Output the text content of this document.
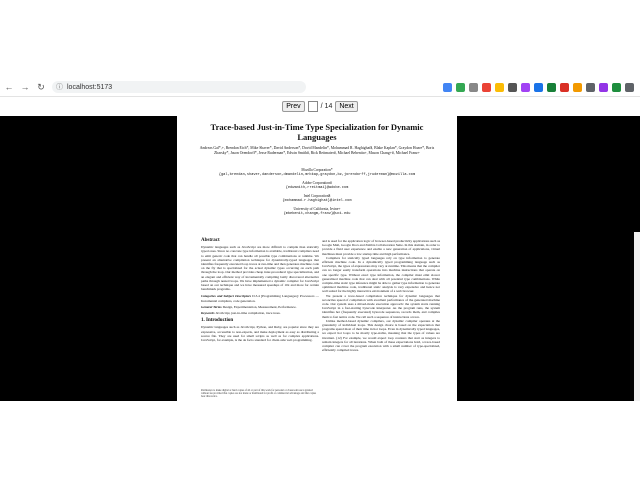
← → ↻	ⓘ localhost:5173
Prev	/ 14	Next
Trace-based Just-in-Time Type Specialization for Dynamic Languages
Andreas Gal*,+, Brendan Eich*, Mike Shaver*, David Anderson*, David Mandelin*, Mohammad R. Haghighat$, Blake Kaplan*, Graydon Hoare*, Boris Zbarsky*, Jason Orendorff*, Jesse Ruderman*, Edwin Smith#, Rick Reitmaier#, Michael Bebenita+, Mason Chang+#, Michael Franz+
Mozilla Corporation*
{gal,brendan,shaver,danderson,dmandelin,mrbkap,graydon,bz,jorendorff,jruderman}@mozilla.com
Adobe Corporation#
{edwsmith,rreitmai}@adobe.com
Intel Corporation$
{mohammad.r.haghighat}@intel.com
University of California, Irvine+
{mbebenit,changm,franz}@uci.edu
Abstract
Dynamic languages such as JavaScript are more difficult to compile than statically typed ones. Since no concrete type information is available, traditional compilers need to emit generic code that can handle all possible type combinations at runtime. We present an alternative compilation technique for dynamically-typed languages that identifies frequently executed loop traces at run-time and then generates machine code on the fly that is specialized for the actual dynamic types occurring on each path through the loop. Our method provides cheap inter-procedural type specialization, and an elegant and efficient way of incrementally compiling lazily discovered alternative paths through nested loops. We have implemented a dynamic compiler for JavaScript based on our technique and we have measured speedups of 10x and more for certain benchmark programs.
Categories and Subject Descriptors D.3.4 [Programming Languages]: Processors — Incremental compilers, code generation.
General Terms Design, Experimentation, Measurement, Performance.
Keywords JavaScript, just-in-time compilation, trace trees.
1. Introduction
Dynamic languages such as JavaScript, Python, and Ruby, are popular since they are expressive, accessible to non-experts, and make deployment as easy as distributing a source file. They are used for small scripts as well as for complex applications. JavaScript, for example, is the de facto standard for client-side web programming.
Permission to make digital or hard copies of all or part of this work for personal or classroom use is granted without fee provided that copies are not made or distributed for profit or commercial advantage and that copies bear this notice.
and is used for the application logic of browser-based productivity applications such as Google Mail, Google Docs and Zimbra Collaboration Suite. In this domain, in order to provide a fluid user experience and enable a new generation of applications, virtual machines must provide a low startup time and high performance.
Compilers for statically typed languages rely on type information to generate efficient machine code. In a dynamically typed programming language such as JavaScript, the types of expressions may vary at runtime. This means that the compiler can no longer easily transform operations into machine instructions that operate on one specific type. Without exact type information, the compiler must emit slower generalized machine code that can deal with all potential type combinations. While compile-time static type inference might be able to gather type information to generate optimized machine code, traditional static analysis is very expensive and hence not well suited for the highly interactive environment of a web browser.
We present a trace-based compilation technique for dynamic languages that reconciles speed of compilation with excellent performance of the generated machine code. Our system uses a mixed-mode execution approach: the system starts running JavaScript in a fast-starting bytecode interpreter. As the program runs, the system identifies hot (frequently executed) bytecode sequences, records them, and compiles them to fast native code. We call such a sequence of instructions a trace.
Unlike method-based dynamic compilers, our dynamic compiler operates at the granularity of individual loops. This design choice is based on the expectation that programs spend most of their time in hot loops. Even in dynamically typed languages, we expect hot loops to be mostly type-stable, meaning that the types of values are invariant. (12) For example, we would expect loop counters that start as integers to remain integers for all iterations. When both of these expectations hold, a trace-based compiler can cover the program execution with a small number of type-specialized, efficiently compiled traces.
